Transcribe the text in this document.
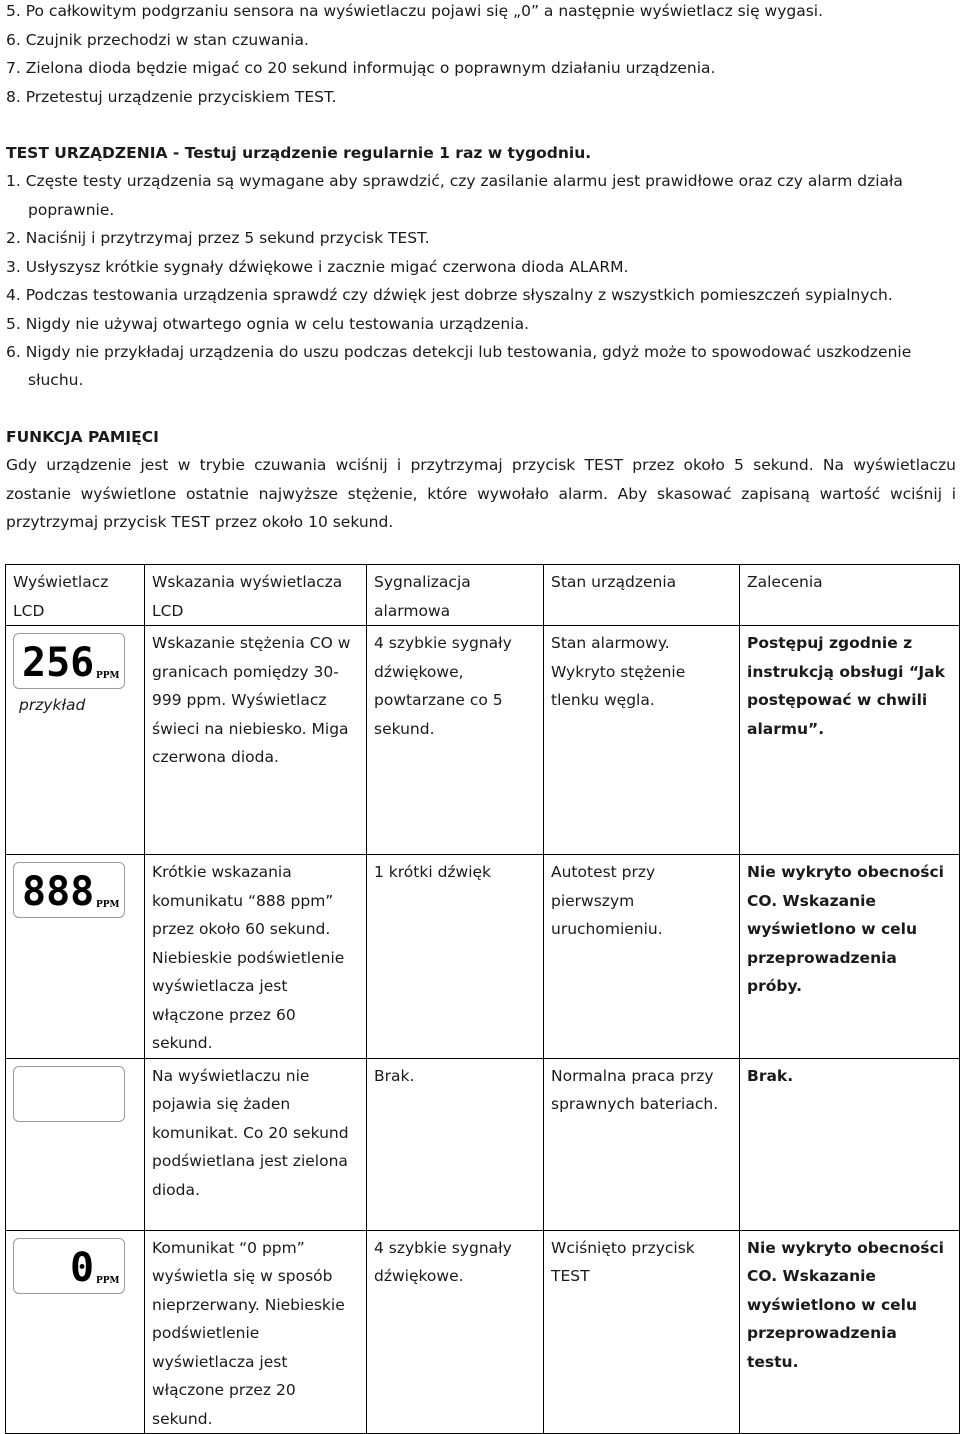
5. Po całkowitym podgrzaniu sensora na wyświetlaczu pojawi się „0” a następnie wyświetlacz się wygasi.
6. Czujnik przechodzi w stan czuwania.
7. Zielona dioda będzie migać co 20 sekund informując o poprawnym działaniu urządzenia.
8. Przetestuj urządzenie przyciskiem TEST.
TEST URZĄDZENIA - Testuj urządzenie regularnie 1 raz w tygodniu.
1. Częste testy urządzenia są wymagane aby sprawdzić, czy zasilanie alarmu jest prawidłowe oraz czy alarm działa
poprawnie.
2. Naciśnij i przytrzymaj przez 5 sekund przycisk TEST.
3. Usłyszysz krótkie sygnały dźwiękowe i zacznie migać czerwona dioda ALARM.
4. Podczas testowania urządzenia sprawdź czy dźwięk jest dobrze słyszalny z wszystkich pomieszczeń sypialnych.
5. Nigdy nie używaj otwartego ognia w celu testowania urządzenia.
6. Nigdy nie przykładaj urządzenia do uszu podczas detekcji lub testowania, gdyż może to spowodować uszkodzenie
słuchu.
FUNKCJA PAMIĘCI
Gdy urządzenie jest w trybie czuwania wciśnij i przytrzymaj przycisk TEST przez około 5 sekund. Na wyświetlaczu zostanie wyświetlone ostatnie najwyższe stężenie, które wywołało alarm. Aby skasować zapisaną wartość wciśnij i przytrzymaj przycisk TEST przez około 10 sekund.
Wyświetlacz LCD	Wskazania wyświetlacza LCD	Sygnalizacja alarmowa	Stan urządzenia	Zalecenia

256 PPM
przykład	Wskazanie stężenia CO w granicach pomiędzy 30-999 ppm. Wyświetlacz świeci na niebiesko. Miga czerwona dioda.	4 szybkie sygnały dźwiękowe, powtarzane co 5 sekund.	Stan alarmowy. Wykryto stężenie tlenku węgla.	Postępuj zgodnie z instrukcją obsługi “Jak postępować w chwili alarmu”.

888 PPM	Krótkie wskazania komunikatu “888 ppm” przez około 60 sekund. Niebieskie podświetlenie wyświetlacza jest włączone przez 60 sekund.	1 krótki dźwięk	Autotest przy pierwszym uruchomieniu.	Nie wykryto obecności CO. Wskazanie wyświetlono w celu przeprowadzenia próby.

	Na wyświetlaczu nie pojawia się żaden komunikat. Co 20 sekund podświetlana jest zielona dioda.	Brak.	Normalna praca przy sprawnych bateriach.	Brak.

0 PPM	Komunikat “0 ppm” wyświetla się w sposób nieprzerwany. Niebieskie podświetlenie wyświetlacza jest włączone przez 20 sekund.	4 szybkie sygnały dźwiękowe.	Wciśnięto przycisk TEST	Nie wykryto obecności CO. Wskazanie wyświetlono w celu przeprowadzenia testu.
